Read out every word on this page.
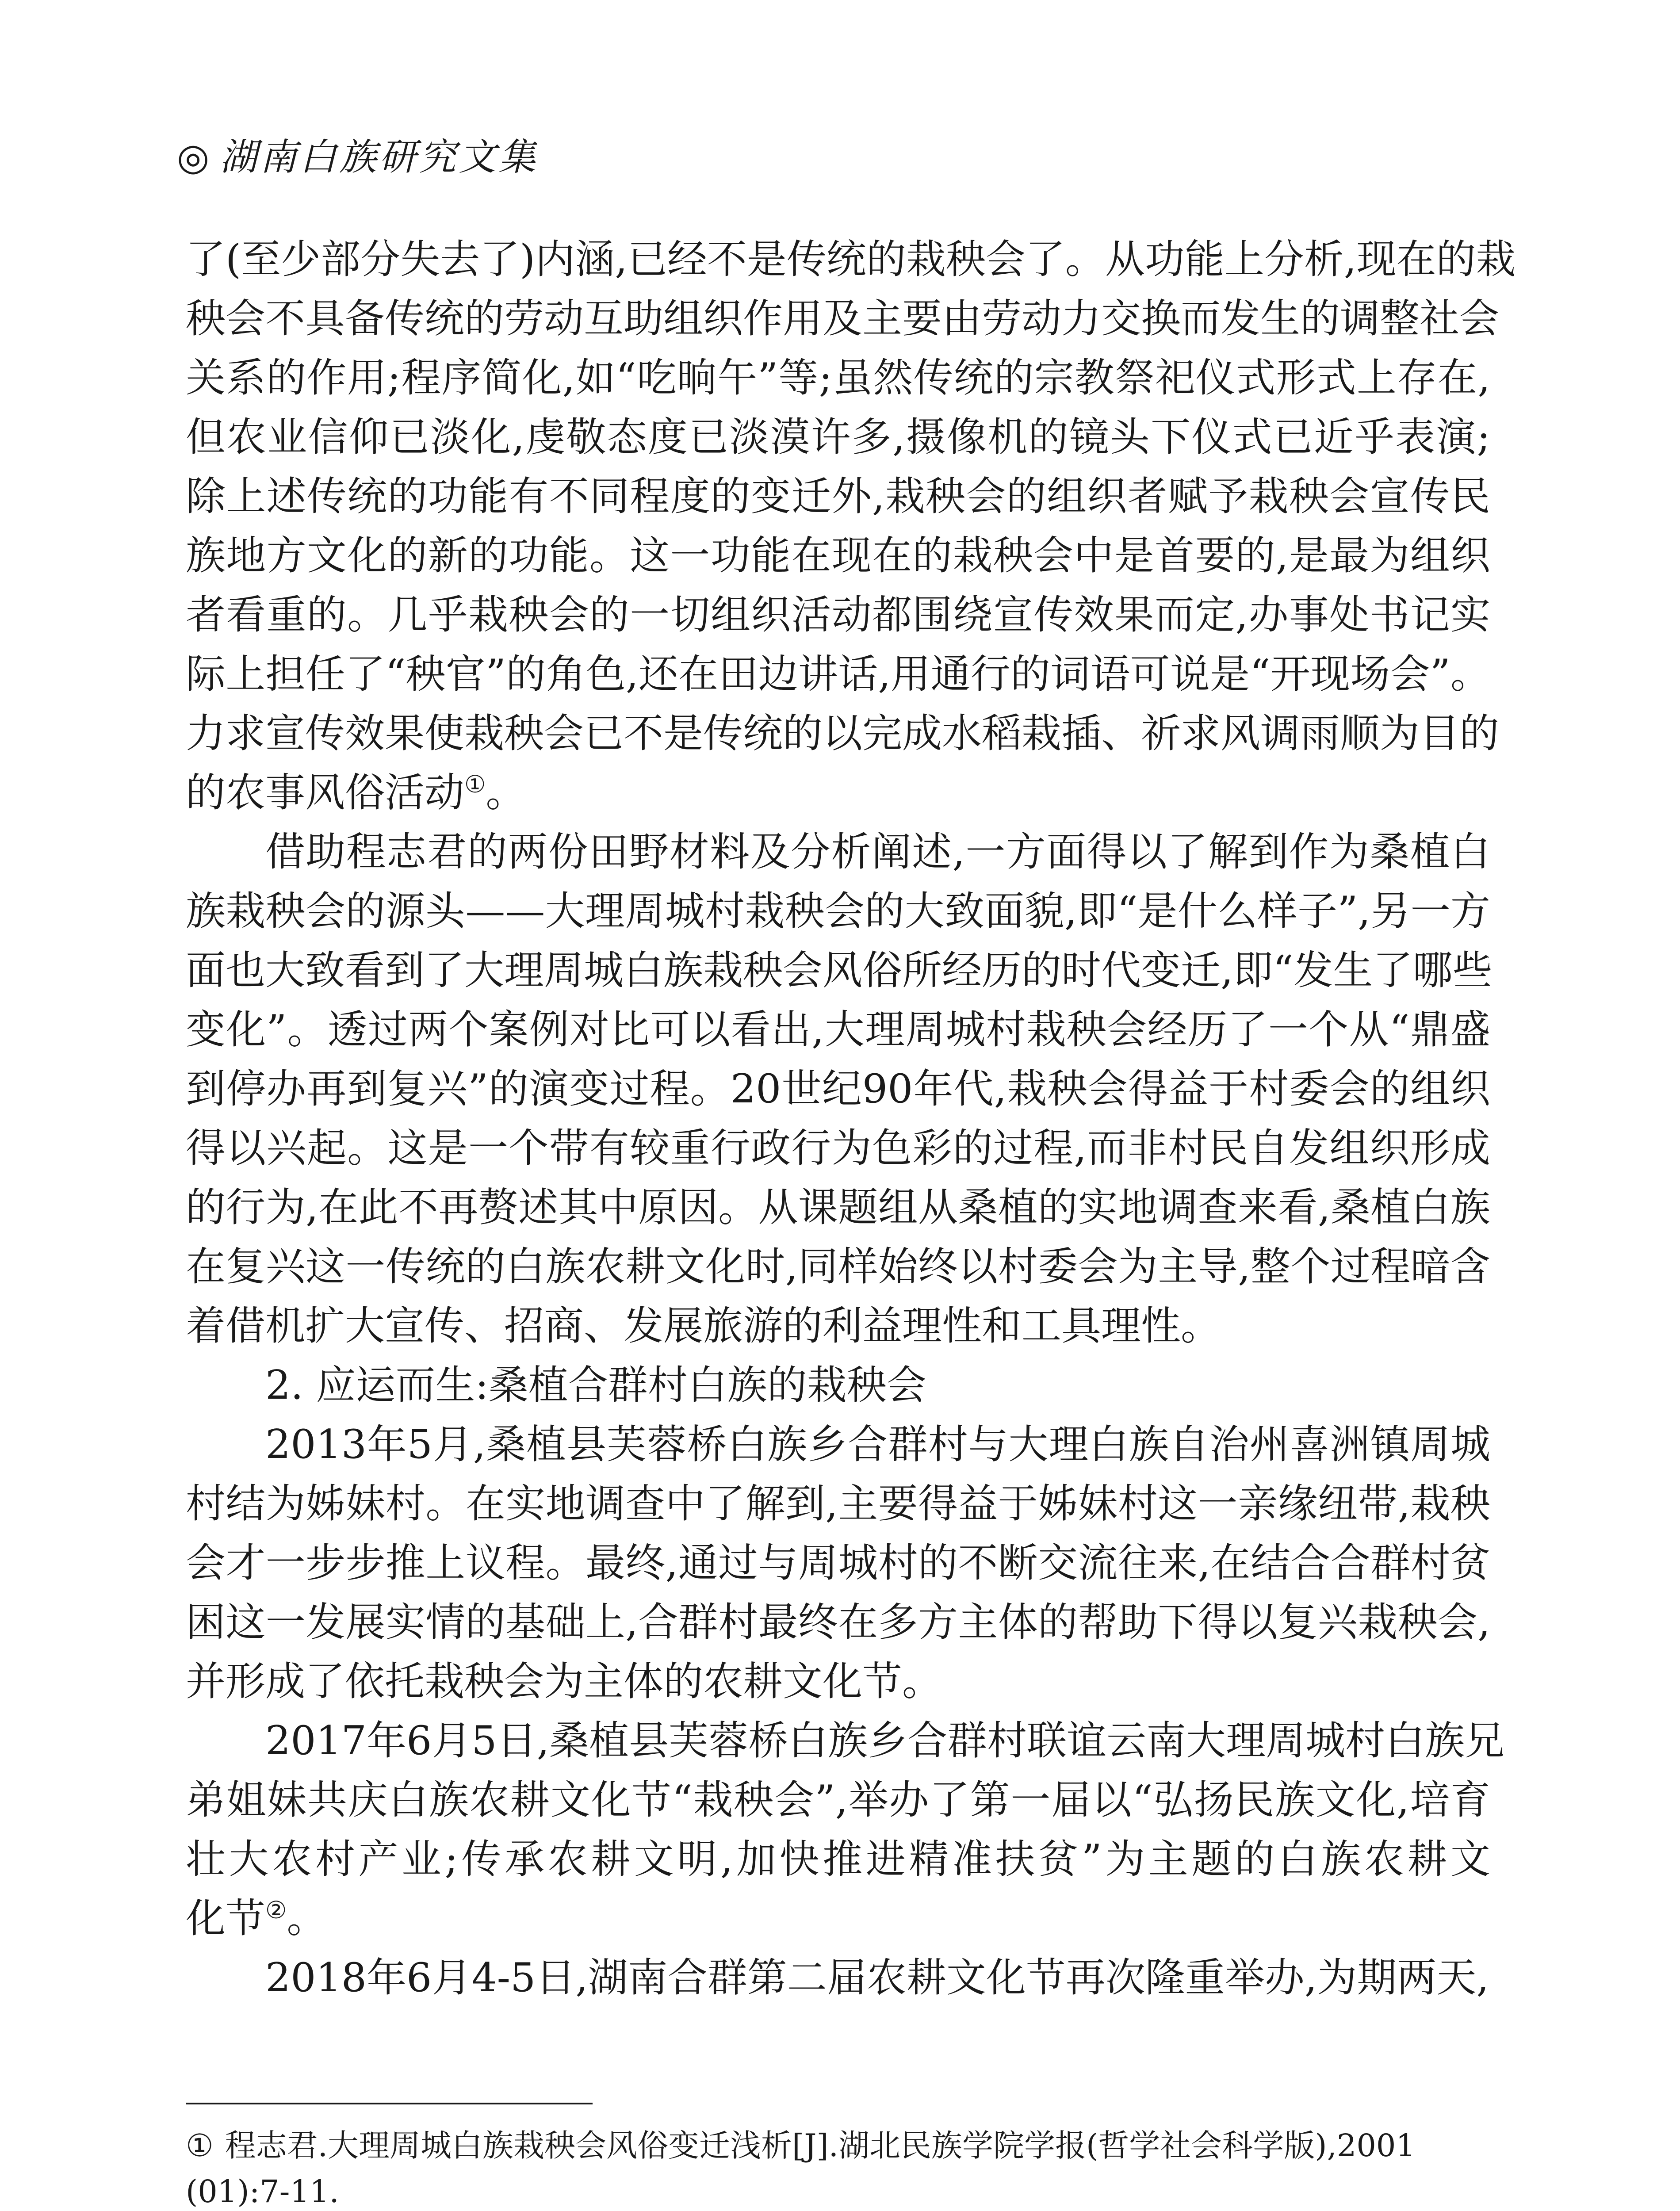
◎ 湖南白族研究文集

了(至少部分失去了)内涵,已经不是传统的栽秧会了。从功能上分析,现在的栽
秧会不具备传统的劳动互助组织作用及主要由劳动力交换而发生的调整社会
关系的作用;程序简化,如“吃晌午”等;虽然传统的宗教祭祀仪式形式上存在,
但农业信仰已淡化,虔敬态度已淡漠许多,摄像机的镜头下仪式已近乎表演;
除上述传统的功能有不同程度的变迁外,栽秧会的组织者赋予栽秧会宣传民
族地方文化的新的功能。这一功能在现在的栽秧会中是首要的,是最为组织
者看重的。几乎栽秧会的一切组织活动都围绕宣传效果而定,办事处书记实
际上担任了“秧官”的角色,还在田边讲话,用通行的词语可说是“开现场会”。
力求宣传效果使栽秧会已不是传统的以完成水稻栽插、祈求风调雨顺为目的
的农事风俗活动①。

借助程志君的两份田野材料及分析阐述,一方面得以了解到作为桑植白
族栽秧会的源头——大理周城村栽秧会的大致面貌,即“是什么样子”,另一方
面也大致看到了大理周城白族栽秧会风俗所经历的时代变迁,即“发生了哪些
变化”。透过两个案例对比可以看出,大理周城村栽秧会经历了一个从“鼎盛
到停办再到复兴”的演变过程。20世纪90年代,栽秧会得益于村委会的组织
得以兴起。这是一个带有较重行政行为色彩的过程,而非村民自发组织形成
的行为,在此不再赘述其中原因。从课题组从桑植的实地调查来看,桑植白族
在复兴这一传统的白族农耕文化时,同样始终以村委会为主导,整个过程暗含
着借机扩大宣传、招商、发展旅游的利益理性和工具理性。

2. 应运而生:桑植合群村白族的栽秧会

2013年5月,桑植县芙蓉桥白族乡合群村与大理白族自治州喜洲镇周城
村结为姊妹村。在实地调查中了解到,主要得益于姊妹村这一亲缘纽带,栽秧
会才一步步推上议程。最终,通过与周城村的不断交流往来,在结合合群村贫
困这一发展实情的基础上,合群村最终在多方主体的帮助下得以复兴栽秧会,
并形成了依托栽秧会为主体的农耕文化节。

2017年6月5日,桑植县芙蓉桥白族乡合群村联谊云南大理周城村白族兄
弟姐妹共庆白族农耕文化节“栽秧会”,举办了第一届以“弘扬民族文化,培育
壮大农村产业;传承农耕文明,加快推进精准扶贫”为主题的白族农耕文
化节②。

2018年6月4-5日,湖南合群第二届农耕文化节再次隆重举办,为期两天,

① 程志君.大理周城白族栽秧会风俗变迁浅析[J].湖北民族学院学报(哲学社会科学版),2001
(01):7-11.
